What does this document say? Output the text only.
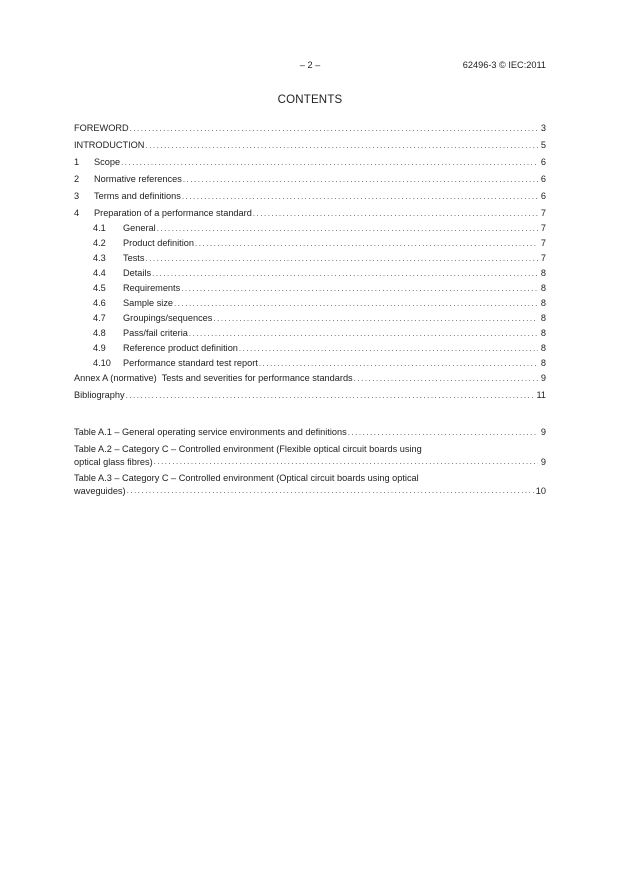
– 2 –	62496-3 © IEC:2011
CONTENTS
FOREWORD .....	3
INTRODUCTION .....	5
1	Scope .....	6
2	Normative references .....	6
3	Terms and definitions .....	6
4	Preparation of a performance standard .....	7
4.1	General .....	7
4.2	Product definition .....	7
4.3	Tests .....	7
4.4	Details .....	8
4.5	Requirements .....	8
4.6	Sample size .....	8
4.7	Groupings/sequences .....	8
4.8	Pass/fail criteria .....	8
4.9	Reference product definition .....	8
4.10	Performance standard test report .....	8
Annex A (normative)  Tests and severities for performance standards .....	9
Bibliography .....	11
Table A.1 – General operating service environments and definitions .....	9
Table A.2 – Category C – Controlled environment (Flexible optical circuit boards using
optical glass fibres) .....	9
Table A.3 – Category C – Controlled environment (Optical circuit boards using optical
waveguides) .....	10
